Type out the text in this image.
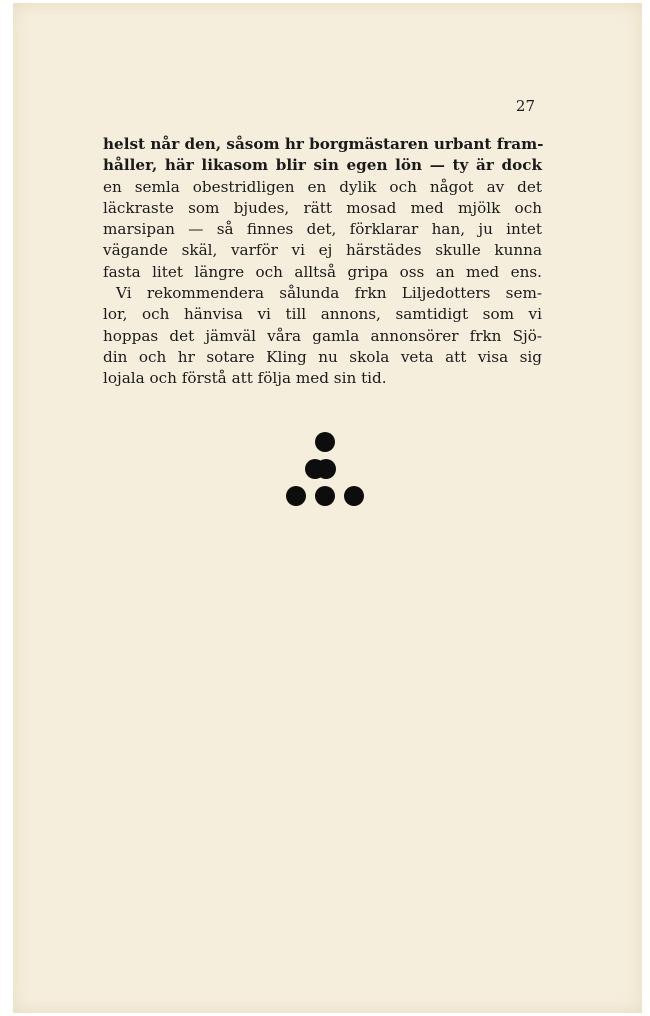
27
helst når den, såsom hr borgmästaren urbant fram-
håller, här likasom blir sin egen lön — ty är dock
en semla obestridligen en dylik och något av det
läckraste som bjudes, rätt mosad med mjölk och
marsipan — så finnes det, förklarar han, ju intet
vägande skäl, varför vi ej härstädes skulle kunna
fasta litet längre och alltså gripa oss an med ens.
Vi rekommendera sålunda frkn Liljedotters sem-
lor, och hänvisa vi till annons, samtidigt som vi
hoppas det jämväl våra gamla annonsörer frkn Sjö-
din och hr sotare Kling nu skola veta att visa sig
lojala och förstå att följa med sin tid.
